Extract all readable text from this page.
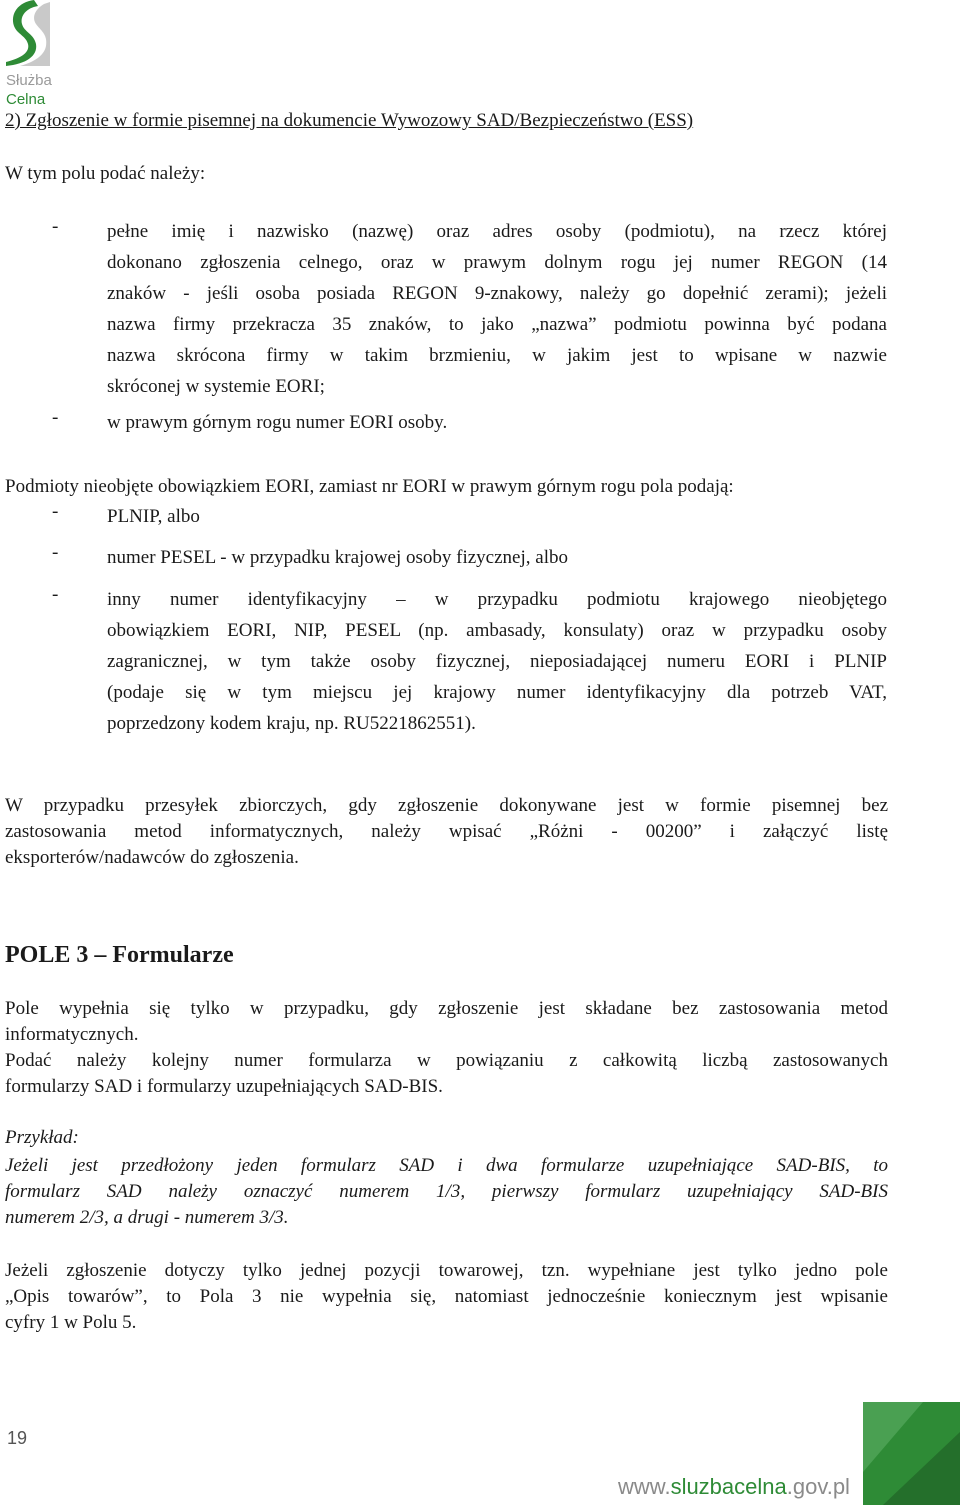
Służba
Celna
2) Zgłoszenie w formie pisemnej na dokumencie Wywozowy SAD/Bezpieczeństwo (ESS)
W tym polu podać należy:
-	pełne imię i nazwisko (nazwę) oraz adres osoby (podmiotu), na rzecz której
dokonano zgłoszenia celnego, oraz w prawym dolnym rogu jej numer REGON (14
znaków - jeśli osoba posiada REGON 9-znakowy, należy go dopełnić zerami); jeżeli
nazwa firmy przekracza 35 znaków, to jako „nazwa” podmiotu powinna być podana
nazwa skrócona firmy w takim brzmieniu, w jakim jest to wpisane w nazwie
skróconej w systemie EORI;
-	w prawym górnym rogu numer EORI osoby.
Podmioty nieobjęte obowiązkiem EORI, zamiast nr EORI w prawym górnym rogu pola podają:
-	PLNIP, albo
-	numer PESEL - w przypadku krajowej osoby fizycznej, albo
-	inny numer identyfikacyjny – w przypadku podmiotu krajowego nieobjętego
obowiązkiem EORI, NIP, PESEL (np. ambasady, konsulaty) oraz w przypadku osoby
zagranicznej, w tym także osoby fizycznej, nieposiadającej numeru EORI i PLNIP
(podaje się w tym miejscu jej krajowy numer identyfikacyjny dla potrzeb VAT,
poprzedzony kodem kraju, np. RU5221862551).
W przypadku przesyłek zbiorczych, gdy zgłoszenie dokonywane jest w formie pisemnej bez
zastosowania metod informatycznych, należy wpisać „Różni - 00200” i załączyć listę
eksporterów/nadawców do zgłoszenia.
POLE 3 – Formularze
Pole wypełnia się tylko w przypadku, gdy zgłoszenie jest składane bez zastosowania metod
informatycznych.
Podać należy kolejny numer formularza w powiązaniu z całkowitą liczbą zastosowanych
formularzy SAD i formularzy uzupełniających SAD-BIS.
Przykład:
Jeżeli jest przedłożony jeden formularz SAD i dwa formularze uzupełniające SAD-BIS, to
formularz SAD należy oznaczyć numerem 1/3, pierwszy formularz uzupełniający SAD-BIS
numerem 2/3, a drugi - numerem 3/3.
Jeżeli zgłoszenie dotyczy tylko jednej pozycji towarowej, tzn. wypełniane jest tylko jedno pole
„Opis towarów”, to Pola 3 nie wypełnia się, natomiast jednocześnie koniecznym jest wpisanie
cyfry 1 w Polu 5.
19
www.sluzbacelna.gov.pl
